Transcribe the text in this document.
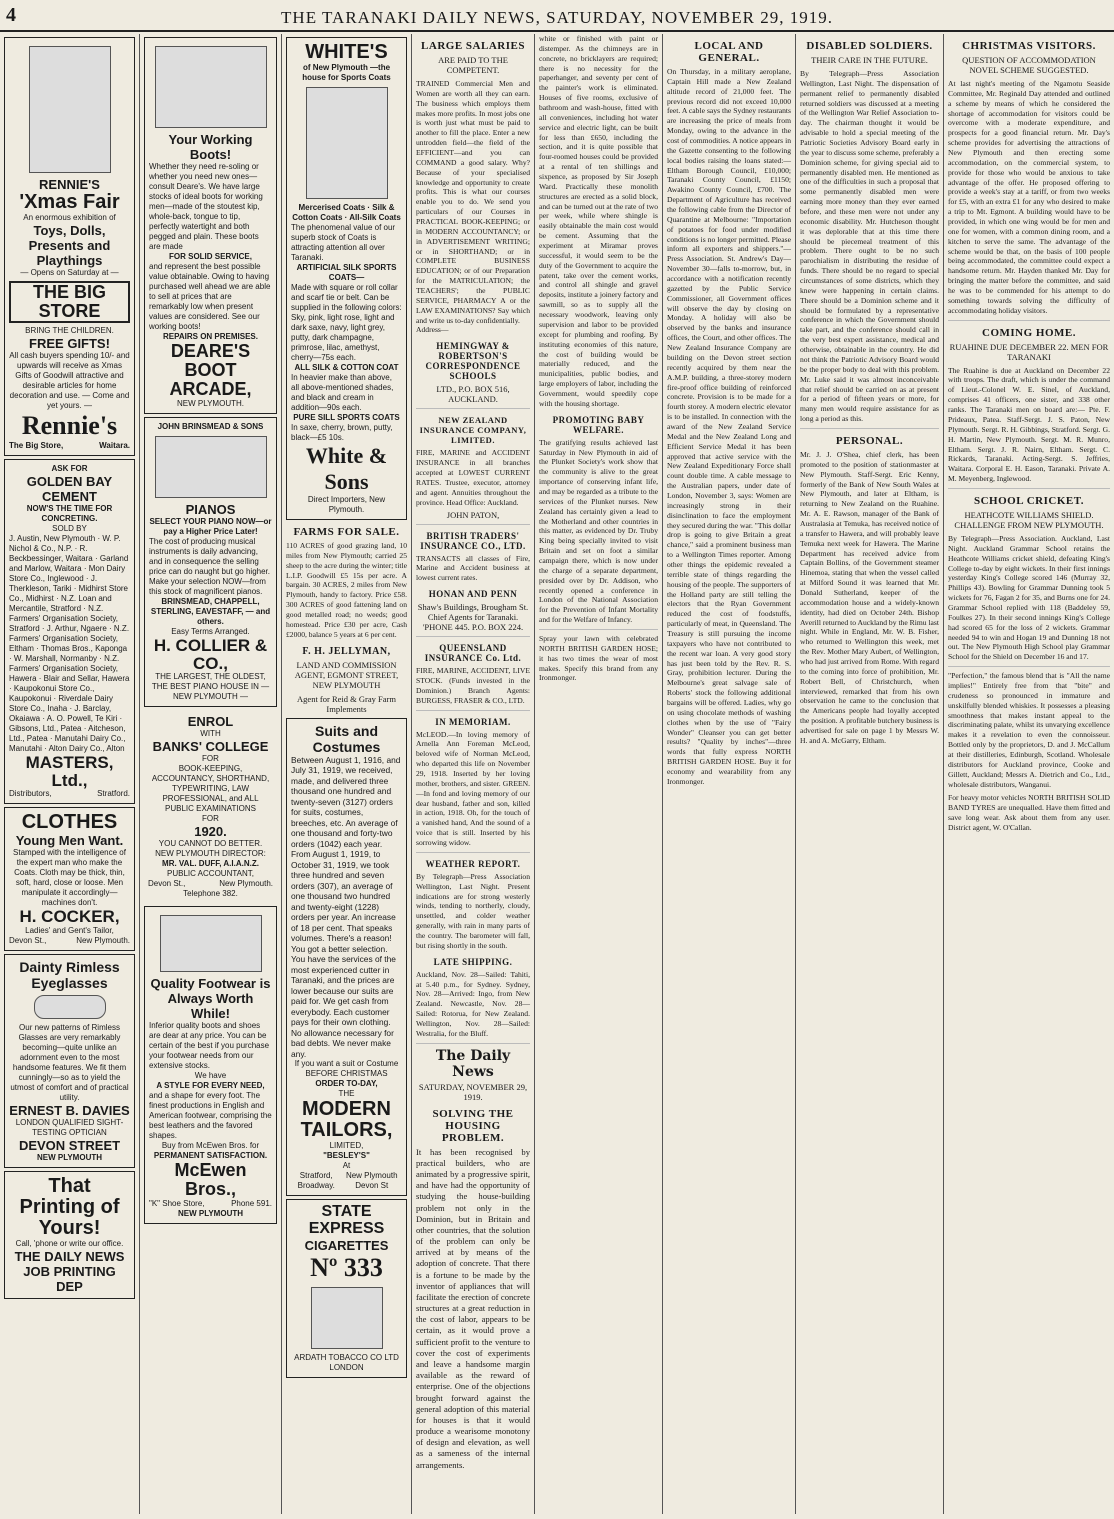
4	THE TARANAKI DAILY NEWS, SATURDAY, NOVEMBER 29, 1919.
RENNIE'S
'Xmas Fair
An enormous exhibition of
Toys, Dolls, Presents and Playthings
— Opens on Saturday at —
THE BIG STORE
BRING THE CHILDREN.
FREE GIFTS!
All cash buyers spending 10/- and upwards will receive as Xmas Gifts of Goodwill attractive and desirable articles for home decoration and use. — Come and yet yours. —
Rennie's
The Big Store,	Waitara.
ASK FOR
GOLDEN BAY CEMENT
NOW'S THE TIME FOR CONCRETING.
SOLD BY
J. Austin, New Plymouth · W. P. Nichol & Co., N.P. · R. Beckbessinger, Waitara · Garland and Marlow, Waitara · Mon Dairy Store Co., Inglewood · J. Therkleson, Tariki · Midhirst Store Co., Midhirst · N.Z. Loan and Mercantile, Stratford · N.Z. Farmers' Organisation Society, Stratford · J. Arthur, Ngaere · N.Z. Farmers' Organisation Society, Eltham · Thomas Bros., Kaponga · W. Marshall, Normanby · N.Z. Farmers' Organisation Society, Hawera · Blair and Sellar, Hawera · Kaupokonui Store Co., Kaupokonui · Riverdale Dairy Store Co., Inaha · J. Barclay, Okaiawa · A. O. Powell, Te Kiri · Gibsons, Ltd., Patea · Aitcheson, Ltd., Patea · Manutahi Dairy Co., Manutahi · Alton Dairy Co., Alton
MASTERS, Ltd.,
Distributors,	Stratford.
CLOTHES
Young Men Want.
Stamped with the intelligence of the expert man who make the Coats. Cloth may be thick, thin, soft, hard, close or loose. Men manipulate it accordingly— machines don't.
H. COCKER,
Ladies' and Gent's Tailor,
Devon St.,	New Plymouth.
Dainty Rimless Eyeglasses
Our new patterns of Rimless Glasses are very remarkably becoming—quite unlike an adornment even to the most handsome features. We fit them cunningly—so as to yield the utmost of comfort and of practical utility.
ERNEST B. DAVIES
LONDON QUALIFIED SIGHT-TESTING OPTICIAN
DEVON STREET
NEW PLYMOUTH
That Printing of Yours!
Call, 'phone or write our office.
THE DAILY NEWS
JOB PRINTING DEP
Your Working Boots!
Whether they need re-soling or whether you need new ones—consult Deare's. We have large stocks of ideal boots for working men—made of the stoutest kip, whole-back, tongue to tip, perfectly watertight and both pegged and plain. These boots are made
FOR SOLID SERVICE,
and represent the best possible value obtainable. Owing to having purchased well ahead we are able to sell at prices that are remarkably low when present values are considered. See our working boots!
REPAIRS ON PREMISES.
DEARE'S BOOT ARCADE,
NEW PLYMOUTH.
JOHN BRINSMEAD & SONS
PIANOS
SELECT YOUR PIANO NOW—or pay a Higher Price Later!
The cost of producing musical instruments is daily advancing, and in consequence the selling price can do naught but go higher. Make your selection NOW—from this stock of magnificent pianos.
BRINSMEAD, CHAPPELL, STERLING, EAVESTAFF, — and others.
Easy Terms Arranged.
H. COLLIER & CO.,
THE LARGEST, THE OLDEST, THE BEST PIANO HOUSE IN — NEW PLYMOUTH —
ENROL
WITH
BANKS' COLLEGE
FOR
BOOK-KEEPING, ACCOUNTANCY, SHORTHAND, TYPEWRITING, LAW PROFESSIONAL, and ALL PUBLIC EXAMINATIONS
FOR
1920.
YOU CANNOT DO BETTER.
NEW PLYMOUTH DIRECTOR:
MR. VAL. DUFF, A.I.A.N.Z.
PUBLIC ACCOUNTANT,
Devon St.,	New Plymouth.
Telephone 382.
Quality Footwear is Always Worth While!
Inferior quality boots and shoes are dear at any price. You can be certain of the best if you purchase your footwear needs from our extensive stocks.
We have
A STYLE FOR EVERY NEED,
and a shape for every foot. The finest productions in English and American footwear, comprising the best leathers and the favored shapes.
Buy from McEwen Bros. for
PERMANENT SATISFACTION.
McEwen Bros.,
"K" Shoe Store,	Phone 591.
NEW PLYMOUTH
WHITE'S
of New Plymouth —the house for Sports Coats
Mercerised Coats · Silk & Cotton Coats · All-Silk Coats
The phenomenal value of our superb stock of Coats is attracting attention all over Taranaki.
ARTIFICIAL SILK SPORTS COATS—
Made with square or roll collar and scarf tie or belt. Can be supplied in the following colors: Sky, pink, light rose, light and dark saxe, navy, light grey, putty, dark champagne, primrose, lilac, amethyst, cherry—75s each.
ALL SILK & COTTON COAT
In heavier make than above, all above-mentioned shades, and black and cream in addition—90s each.
PURE SILL SPORTS COATS
In saxe, cherry, brown, putty, black—£5 10s.
White & Sons
Direct Importers, New Plymouth.
FARMS FOR SALE.
110 ACRES of good grazing land, 10 miles from New Plymouth; carried 25 sheep to the acre during the winter; title L.I.P. Goodwill £5 15s per acre. A bargain. 30 ACRES, 2 miles from New Plymouth, handy to factory. Price £58. 300 ACRES of good fattening land on good metalled road; no weeds; good homestead. Price £30 per acre, Cash £2000, balance 5 years at 6 per cent.
F. H. JELLYMAN,
LAND AND COMMISSION AGENT, EGMONT STREET, NEW PLYMOUTH
Agent for Reid & Gray Farm Implements
Suits and Costumes
Between August 1, 1916, and July 31, 1919, we received, made, and delivered three thousand one hundred and twenty-seven (3127) orders for suits, costumes, breeches, etc. An average of one thousand and forty-two orders (1042) each year. From August 1, 1919, to October 31, 1919, we took three hundred and seven orders (307), an average of one thousand two hundred and twenty-eight (1228) orders per year. An increase of 18 per cent. That speaks volumes. There's a reason! You got a better selection. You have the services of the most experienced cutter in Taranaki, and the prices are lower because our suits are paid for. We get cash from everybody. Each customer pays for their own clothing. No allowance necessary for bad debts. We never make any.
If you want a suit or Costume BEFORE CHRISTMAS
ORDER TO-DAY,
THE
MODERN TAILORS,
LIMITED,
"BESLEY'S"
At
Stratford, Broadway.
New Plymouth Devon St
STATE EXPRESS
CIGARETTES
Nº 333
ARDATH TOBACCO CO LTD LONDON
LARGE SALARIES
ARE PAID TO THE COMPETENT.
TRAINED Commercial Men and Women are worth all they can earn. The business which employs them makes more profits. In most jobs one is worth just what must be paid to another to fill the place. Enter a new untrodden field—the field of the EFFICIENT—and you can COMMAND a good salary. Why? Because of your specialised knowledge and opportunity to create profits. This is what our courses enable you to do. We send you particulars of our Courses in PRACTICAL BOOK-KEEPING; or in MODERN ACCOUNTANCY; or in ADVERTISEMENT WRITING; or in SHORTHAND; or in COMPLETE BUSINESS EDUCATION; or of our Preparation for the MATRICULATION; the TEACHERS'; the PUBLIC SERVICE, PHARMACY A or the LAW EXAMINATIONS? Say which and write us to-day confidentially.
Address—
HEMINGWAY & ROBERTSON'S CORRESPONDENCE SCHOOLS
LTD., P.O. BOX 516, AUCKLAND.
NEW ZEALAND INSURANCE COMPANY, LIMITED.
FIRE, MARINE and ACCIDENT INSURANCE in all branches accepted at LOWEST CURRENT RATES. Trustee, executor, attorney and agent. Annuities throughout the province. Head Office: Auckland.
JOHN PATON,
BRITISH TRADERS' INSURANCE CO., LTD.
TRANSACTS all classes of Fire, Marine and Accident business at lowest current rates.
HONAN AND PENN
Shaw's Buildings, Brougham St. Chief Agents for Taranaki. 'PHONE 445. P.O. BOX 224.
QUEENSLAND INSURANCE Co. Ltd.
FIRE, MARINE, ACCIDENT, LIVE STOCK. (Funds invested in the Dominion.) Branch Agents: BURGESS, FRASER & CO., LTD.
IN MEMORIAM.
McLEOD.—In loving memory of Arnella Ann Foreman McLeod, beloved wife of Norman McLeod, who departed this life on November 29, 1918. Inserted by her loving mother, brothers, and sister. GREEN.—In fond and loving memory of our dear husband, father and son, killed in action, 1918. Oh, for the touch of a vanished hand, And the sound of a voice that is still. Inserted by his sorrowing widow.
WEATHER REPORT.
By Telegraph—Press Association Wellington, Last Night. Present indications are for strong westerly winds, tending to northerly, cloudy, unsettled, and colder weather generally, with rain in many parts of the country. The barometer will fall, but rising shortly in the south.
LATE SHIPPING.
Auckland, Nov. 28—Sailed: Tahiti, at 5.40 p.m., for Sydney. Sydney, Nov. 28—Arrived: Ingo, from New Zealand. Newcastle, Nov. 28—Sailed: Rotorua, for New Zealand. Wellington, Nov. 28—Sailed: Westralia, for the Bluff.
The Daily News
SATURDAY, NOVEMBER 29, 1919.
SOLVING THE HOUSING PROBLEM.
It has been recognised by practical builders, who are animated by a progressive spirit, and have had the opportunity of studying the house-building problem not only in the Dominion, but in Britain and other countries, that the solution of the problem can only be arrived at by means of the adoption of concrete. That there is a fortune to be made by the inventor of appliances that will facilitate the erection of concrete structures at a great reduction in the cost of labor, appears to be certain, as it would prove a sufficient profit to the venture to cover the cost of experiments and leave a handsome margin available as the reward of enterprise. One of the objections brought forward against the general adoption of this material for houses is that it would produce a wearisome monotony of design and elevation, as well as a sameness of the internal arrangements.
white or finished with paint or distemper. As the chimneys are in concrete, no bricklayers are required; there is no necessity for the paperhanger, and seventy per cent of the painter's work is eliminated. Houses of five rooms, exclusive of bathroom and wash-house, fitted with all conveniences, including hot water service and electric light, can be built for less than £650, including the section, and it is quite possible that four-roomed houses could be provided at a rental of ten shillings and sixpence, as proposed by Sir Joseph Ward. Practically these monolith structures are erected as a solid block, and can be turned out at the rate of two per week, while where shingle is easily obtainable the main cost would be cement. Assuming that the experiment at Miramar proves successful, it would seem to be the duty of the Government to acquire the patent, take over the cement works, and control all shingle and gravel deposits, institute a joinery factory and sawmill, so as to supply all the necessary woodwork, leaving only supervision and labor to be provided except for plumbing and roofing. By instituting economies of this nature, the cost of building would be materially reduced, and the municipalities, public bodies, and large employers of labor, including the Government, would speedily cope with the housing shortage.
PROMOTING BABY WELFARE.
The gratifying results achieved last Saturday in New Plymouth in aid of the Plunket Society's work show that the community is alive to the great importance of conserving infant life, and may be regarded as a tribute to the services of the Plunket nurses. New Zealand has certainly given a lead to the Motherland and other countries in this matter, as evidenced by Dr. Truby King being specially invited to visit Britain and set on foot a similar campaign there, which is now under the charge of a separate department, presided over by Dr. Addison, who recently opened a conference in London of the National Association for the Prevention of Infant Mortality and for the Welfare of Infancy.
Spray your lawn with celebrated NORTH BRITISH GARDEN HOSE; it has two times the wear of most makes. Specify this brand from any Ironmonger.
LOCAL AND GENERAL.
On Thursday, in a military aeroplane, Captain Hill made a New Zealand altitude record of 21,000 feet. The previous record did not exceed 10,000 feet. A cable says the Sydney restaurants are increasing the price of meals from Monday, owing to the advance in the cost of commodities. A notice appears in the Gazette consenting to the following local bodies raising the loans stated:—Eltham Borough Council, £10,000; Taranaki County Council, £1150; Awakino County Council, £700. The Department of Agriculture has received the following cable from the Director of Quarantine at Melbourne: "Importation of potatoes for food under modified conditions is no longer permitted. Please inform all exporters and shippers."—Press Association. St. Andrew's Day—November 30—falls to-morrow, but, in accordance with a notification recently gazetted by the Public Service Commissioner, all Government offices will observe the day by closing on Monday. A holiday will also be observed by the banks and insurance offices, the Court, and other offices. The New Zealand Insurance Company are building on the Devon street section recently acquired by them near the A.M.P. building, a three-storey modern fire-proof office building of reinforced concrete. Provision is to be made for a fourth storey. A modern electric elevator is to be installed. In connection with the award of the New Zealand Service Medal and the New Zealand Long and Efficient Service Medal it has been approved that active service with the New Zealand Expeditionary Force shall count double time. A cable message to the Australian papers, under date of London, November 3, says: Women are increasingly strong in their disinclination to face the employment they secured during the war. "This dollar drop is going to give Britain a great chance," said a prominent business man to a Wellington Times reporter. Among other things the epidemic revealed a terrible state of things regarding the housing of the people. The supporters of the Holland party are still telling the electors that the Ryan Government reduced the cost of foodstuffs, particularly of meat, in Queensland. The Treasury is still pursuing the income taxpayers who have not contributed to the recent war loan. A very good story has just been told by the Rev. R. S. Gray, prohibition lecturer. During the Melbourne's great salvage sale of Roberts' stock the following additional bargains will be offered. Ladies, why go on using chocolate methods of washing clothes when by the use of "Fairy Wonder" Cleanser you can get better results? "Quality by inches"—three words that fully express NORTH BRITISH GARDEN HOSE. Buy it for economy and wearability from any Ironmonger.
DISABLED SOLDIERS.
THEIR CARE IN THE FUTURE.
By Telegraph—Press Association Wellington, Last Night. The dispensation of permanent relief to permanently disabled returned soldiers was discussed at a meeting of the Wellington War Relief Association to-day. The chairman thought it would be advisable to hold a special meeting of the Patriotic Societies Advisory Board early in the year to discuss some scheme, preferably a Dominion scheme, for giving special aid to permanently disabled men. He mentioned as one of the difficulties in such a proposal that some permanently disabled men were earning more money than they ever earned before, and these men were not under any economic disability. Mr. Hutcheson thought it was deplorable that at this time there should be piecemeal treatment of this problem. There ought to be no such parochialism in distributing the residue of funds. There should be no regard to special circumstances of some districts, which they knew were happening in certain claims. There should be a Dominion scheme and it should be formulated by a representative conference in which the Government should take part, and the conference should call in the very best expert assistance, medical and otherwise, obtainable in the country. He did not think the Patriotic Advisory Board would be the proper body to deal with this problem. Mr. Luke said it was almost inconceivable that relief should be carried on as at present for a period of fifteen years or more, for many men would require assistance for as long a period as this.
PERSONAL.
Mr. J. J. O'Shea, chief clerk, has been promoted to the position of stationmaster at New Plymouth. Staff-Sergt. Eric Kenny, formerly of the Bank of New South Wales at New Plymouth, and later at Eltham, is returning to New Zealand on the Ruahine. Mr. A. E. Rawson, manager of the Bank of Australasia at Temuka, has received notice of a transfer to Hawera, and will probably leave Temuka next week for Hawera. The Marine Department has received advice from Captain Bollins, of the Government steamer Hinemoa, stating that when the vessel called at Milford Sound it was learned that Mr. Donald Sutherland, keeper of the accommodation house and a widely-known identity, had died on October 24th. Bishop Averill returned to Auckland by the Rimu last night. While in England, Mr. W. B. Fisher, who returned to Wellington this week, met the Rev. Mother Mary Aubert, of Wellington, who had just arrived from Rome. With regard to the coming into force of prohibition, Mr. Robert Bell, of Christchurch, when interviewed, remarked that from his own observation he came to the conclusion that the Americans people had loyally accepted the position. A profitable butchery business is advertised for sale on page 1 by Messrs W. H. and A. McGarry, Eltham.
CHRISTMAS VISITORS.
QUESTION OF ACCOMMODATION NOVEL SCHEME SUGGESTED.
At last night's meeting of the Ngamotu Seaside Committee, Mr. Reginald Day attended and outlined a scheme by means of which he considered the shortage of accommodation for visitors could be overcome with a moderate expenditure, and prospects for a good financial return. Mr. Day's scheme provides for advertising the attractions of New Plymouth and then erecting some accommodation, on the commercial system, to provide for those who would be anxious to take advantage of the offer. He proposed offering to provide a week's stay at a tariff, or from two weeks for £5, with an extra £1 for any who desired to make a trip to Mt. Egmont. A building would have to be provided, in which one wing would be for men and one for women, with a common dining room, and a kitchen to serve the same. The advantage of the scheme would be that, on the basis of 100 people being accommodated, the committee could expect a handsome return. Mr. Hayden thanked Mr. Day for bringing the matter before the committee, and said he was to be commended for his attempt to do something towards solving the difficulty of accommodating holiday visitors.
COMING HOME.
RUAHINE DUE DECEMBER 22. MEN FOR TARANAKI
The Ruahine is due at Auckland on December 22 with troops. The draft, which is under the command of Lieut.-Colonel W. E. Sinel, of Auckland, comprises 41 officers, one sister, and 338 other ranks. The Taranaki men on board are:— Pte. F. Prideaux, Patea. Staff-Sergt. J. S. Paton, New Plymouth. Sergt. R. H. Gibbings, Stratford. Sergt. G. H. Martin, New Plymouth. Sergt. M. R. Munro, Eltham. Sergt. J. R. Nairn, Eltham. Sergt. C. Rickards, Taranaki. Acting-Sergt. S. Jeffries, Waitara. Corporal E. H. Eason, Taranaki. Private A. M. Meyenberg, Inglewood.
SCHOOL CRICKET.
HEATHCOTE WILLIAMS SHIELD. CHALLENGE FROM NEW PLYMOUTH.
By Telegraph—Press Association. Auckland, Last Night. Auckland Grammar School retains the Heathcote Williams cricket shield, defeating King's College to-day by eight wickets. In their first innings yesterday King's College scored 146 (Murray 32, Phillips 43). Bowling for Grammar Dunning took 5 wickets for 76, Fagan 2 for 35, and Burns one for 24. Grammar School replied with 118 (Baddeley 59, Foulkes 27). In their second innings King's College had scored 65 for the loss of 2 wickets. Grammar needed 94 to win and Hogan 19 and Dunning 18 not out. The New Plymouth High School play Grammar School for the Shield on December 16 and 17.
"Perfection," the famous blend that is "All the name implies!" Entirely free from that "bite" and crudeness so pronounced in immature and unskilfully blended whiskies. It possesses a pleasing smoothness that makes instant appeal to the discriminating palate, whilst its unvarying excellence makes it a revelation to even the connoisseur. Bottled only by the proprietors, D. and J. McCallum at their distilleries, Edinburgh, Scotland. Wholesale distributors for Auckland province, Cooke and Gillett, Auckland; Messrs A. Dietrich and Co., Ltd., wholesale distributors, Wanganui.
For heavy motor vehicles NORTH BRITISH SOLID BAND TYRES are unequalled. Have them fitted and save long wear. Ask about them from any user. District agent, W. O'Callan.
